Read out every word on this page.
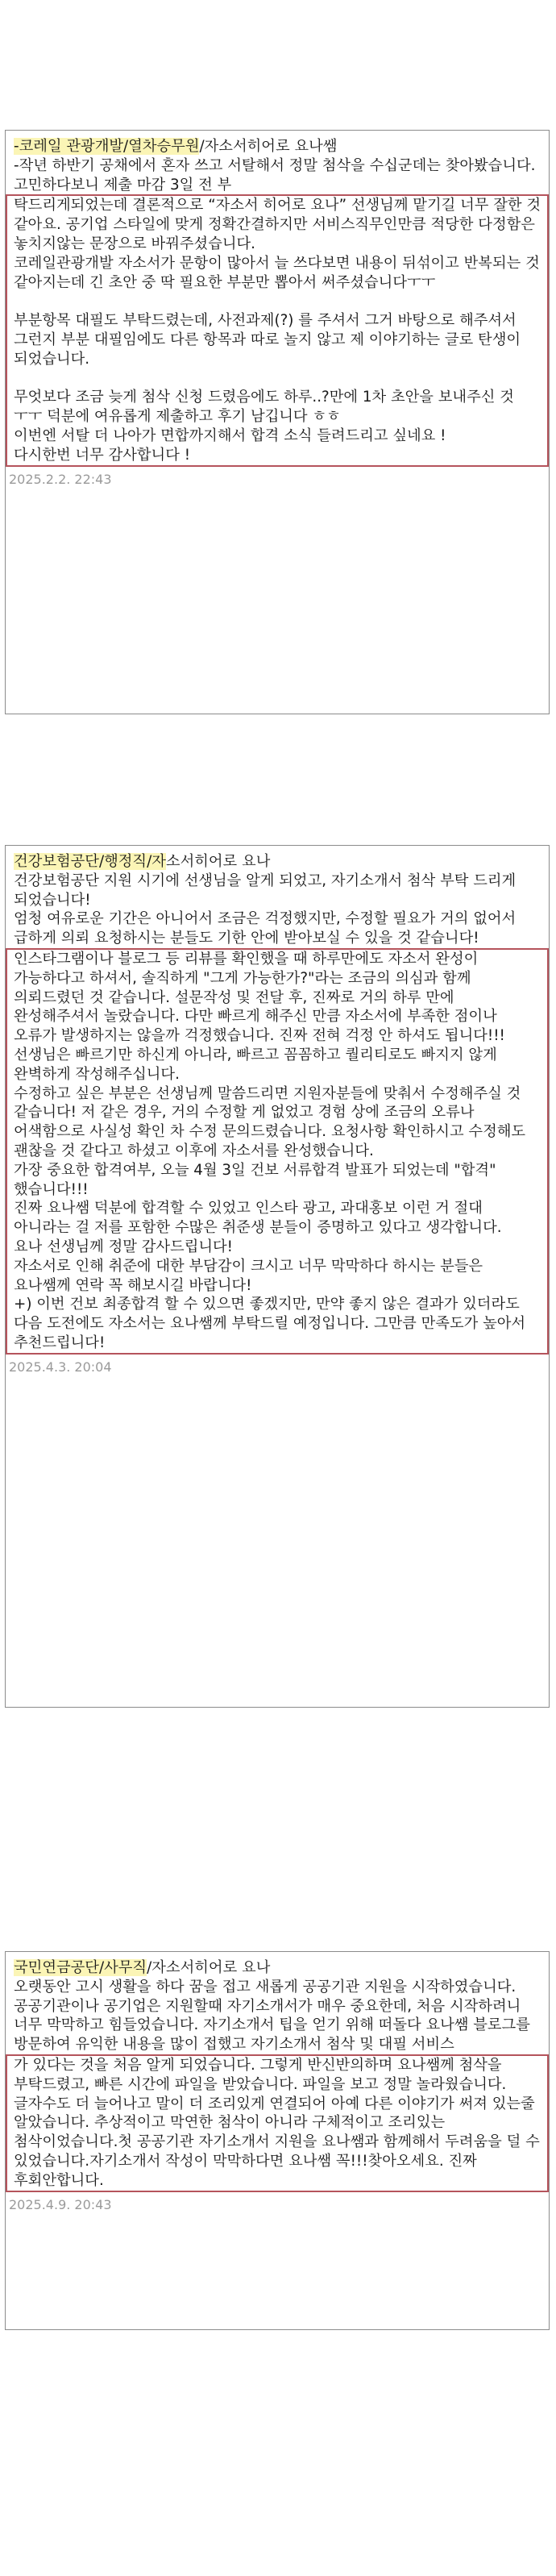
-코레일 관광개발/열차승무원/자소서히어로 요나쌤

-작년 하반기 공채에서 혼자 쓰고 서탈해서 정말 첨삭을 수십군데는 찾아봤습니다. 고민하다보니 제출 마감 3일 전 부

탁드리게되었는데 결론적으로 “자소서 히어로 요나” 선생님께 맡기길 너무 잘한 것 같아요. 공기업 스타일에 맞게 정확간결하지만 서비스직무인만큼 적당한 다정함은 놓치지않는 문장으로 바꿔주셨습니다.

코레일관광개발 자소서가 문항이 많아서 늘 쓰다보면 내용이 뒤섞이고 반복되는 것 같아지는데 긴 초안 중 딱 필요한 부분만 뽑아서 써주셨습니다ㅜㅜ

부분항목 대필도 부탁드렸는데, 사전과제(?) 를 주셔서 그거 바탕으로 해주셔서 그런지 부분 대필임에도 다른 항목과 따로 놀지 않고 제 이야기하는 글로 탄생이 되었습니다.

무엇보다 조금 늦게 첨삭 신청 드렸음에도 하루..?만에 1차 초안을 보내주신 것 ㅜㅜ 덕분에 여유롭게 제출하고 후기 남깁니다 ㅎㅎ

이번엔 서탈 더 나아가 면합까지해서 합격 소식 들려드리고 싶네요 !

다시한번 너무 감사합니다 !

2025.2.2. 22:43

건강보험공단/행정직/자소서히어로 요나

건강보험공단 지원 시기에 선생님을 알게 되었고, 자기소개서 첨삭 부탁 드리게 되었습니다!

엄청 여유로운 기간은 아니어서 조금은 걱정했지만, 수정할 필요가 거의 없어서 급하게 의뢰 요청하시는 분들도 기한 안에 받아보실 수 있을 것 같습니다!

인스타그램이나 블로그 등 리뷰를 확인했을 때 하루만에도 자소서 완성이 가능하다고 하셔서, 솔직하게 "그게 가능한가?"라는 조금의 의심과 함께 의뢰드렸던 것 같습니다. 설문작성 및 전달 후, 진짜로 거의 하루 만에 완성해주셔서 놀랐습니다. 다만 빠르게 해주신 만큼 자소서에 부족한 점이나 오류가 발생하지는 않을까 걱정했습니다. 진짜 전혀 걱정 안 하셔도 됩니다!!! 선생님은 빠르기만 하신게 아니라, 빠르고 꼼꼼하고 퀄리티로도 빠지지 않게 완벽하게 작성해주십니다.

수정하고 싶은 부분은 선생님께 말씀드리면 지원자분들에 맞춰서 수정해주실 것 같습니다! 저 같은 경우, 거의 수정할 게 없었고 경험 상에 조금의 오류나 어색함으로 사실성 확인 차 수정 문의드렸습니다. 요청사항 확인하시고 수정해도 괜찮을 것 같다고 하셨고 이후에 자소서를 완성했습니다.

가장 중요한 합격여부, 오늘 4월 3일 건보 서류합격 발표가 되었는데 "합격" 했습니다!!!

진짜 요나쌤 덕분에 합격할 수 있었고 인스타 광고, 과대홍보 이런 거 절대 아니라는 걸 저를 포함한 수많은 취준생 분들이 증명하고 있다고 생각합니다.

요나 선생님께 정말 감사드립니다!

자소서로 인해 취준에 대한 부담감이 크시고 너무 막막하다 하시는 분들은 요나쌤께 연락 꼭 해보시길 바랍니다!

+) 이번 건보 최종합격 할 수 있으면 좋겠지만, 만약 좋지 않은 결과가 있더라도 다음 도전에도 자소서는 요나쌤께 부탁드릴 예정입니다. 그만큼 만족도가 높아서 추천드립니다!

2025.4.3. 20:04

국민연금공단/사무직/자소서히어로 요나

오랫동안 고시 생활을 하다 꿈을 접고 새롭게 공공기관 지원을 시작하였습니다. 공공기관이나 공기업은 지원할때 자기소개서가 매우 중요한데, 처음 시작하려니 너무 막막하고 힘들었습니다. 자기소개서 팁을 얻기 위해 떠돌다 요나쌤 블로그를 방문하여 유익한 내용을 많이 접했고 자기소개서 첨삭 및 대필 서비스

가 있다는 것을 처음 알게 되었습니다. 그렇게 반신반의하며 요나쌤께 첨삭을 부탁드렸고, 빠른 시간에 파일을 받았습니다. 파일을 보고 정말 놀라웠습니다. 글자수도 더 늘어나고 말이 더 조리있게 연결되어 아예 다른 이야기가 써져 있는줄 알았습니다. 추상적이고 막연한 첨삭이 아니라 구체적이고 조리있는 첨삭이었습니다.첫 공공기관 자기소개서 지원을 요나쌤과 함께해서 두려움을 덜 수 있었습니다.자기소개서 작성이 막막하다면 요나쌤 꼭!!!찾아오세요. 진짜 후회안합니다.

2025.4.9. 20:43
